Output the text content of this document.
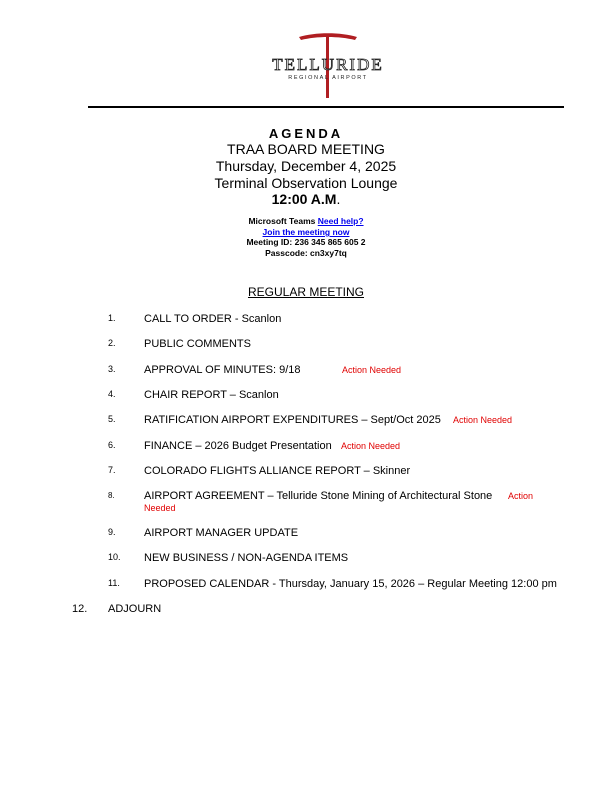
TELLURIDE
REGIONAL AIRPORT
AGENDA
TRAA BOARD MEETING
Thursday, December 4, 2025
Terminal Observation Lounge
12:00 A.M.
Microsoft Teams Need help?
Join the meeting now
Meeting ID: 236 345 865 605 2
Passcode: cn3xy7tq
REGULAR MEETING
1.	CALL TO ORDER - Scanlon
2.	PUBLIC COMMENTS
3.	APPROVAL OF MINUTES: 9/18	Action Needed
4.	CHAIR REPORT – Scanlon
5.	RATIFICATION AIRPORT EXPENDITURES – Sept/Oct 2025 Action Needed
6.	FINANCE – 2026 Budget Presentation Action Needed
7.	COLORADO FLIGHTS ALLIANCE REPORT – Skinner
8.	AIRPORT AGREEMENT – Telluride Stone Mining of Architectural Stone Action
Needed
9.	AIRPORT MANAGER UPDATE
10. NEW BUSINESS / NON-AGENDA ITEMS
11. PROPOSED CALENDAR - Thursday, January 15, 2026 – Regular Meeting 12:00 pm
12. ADJOURN
